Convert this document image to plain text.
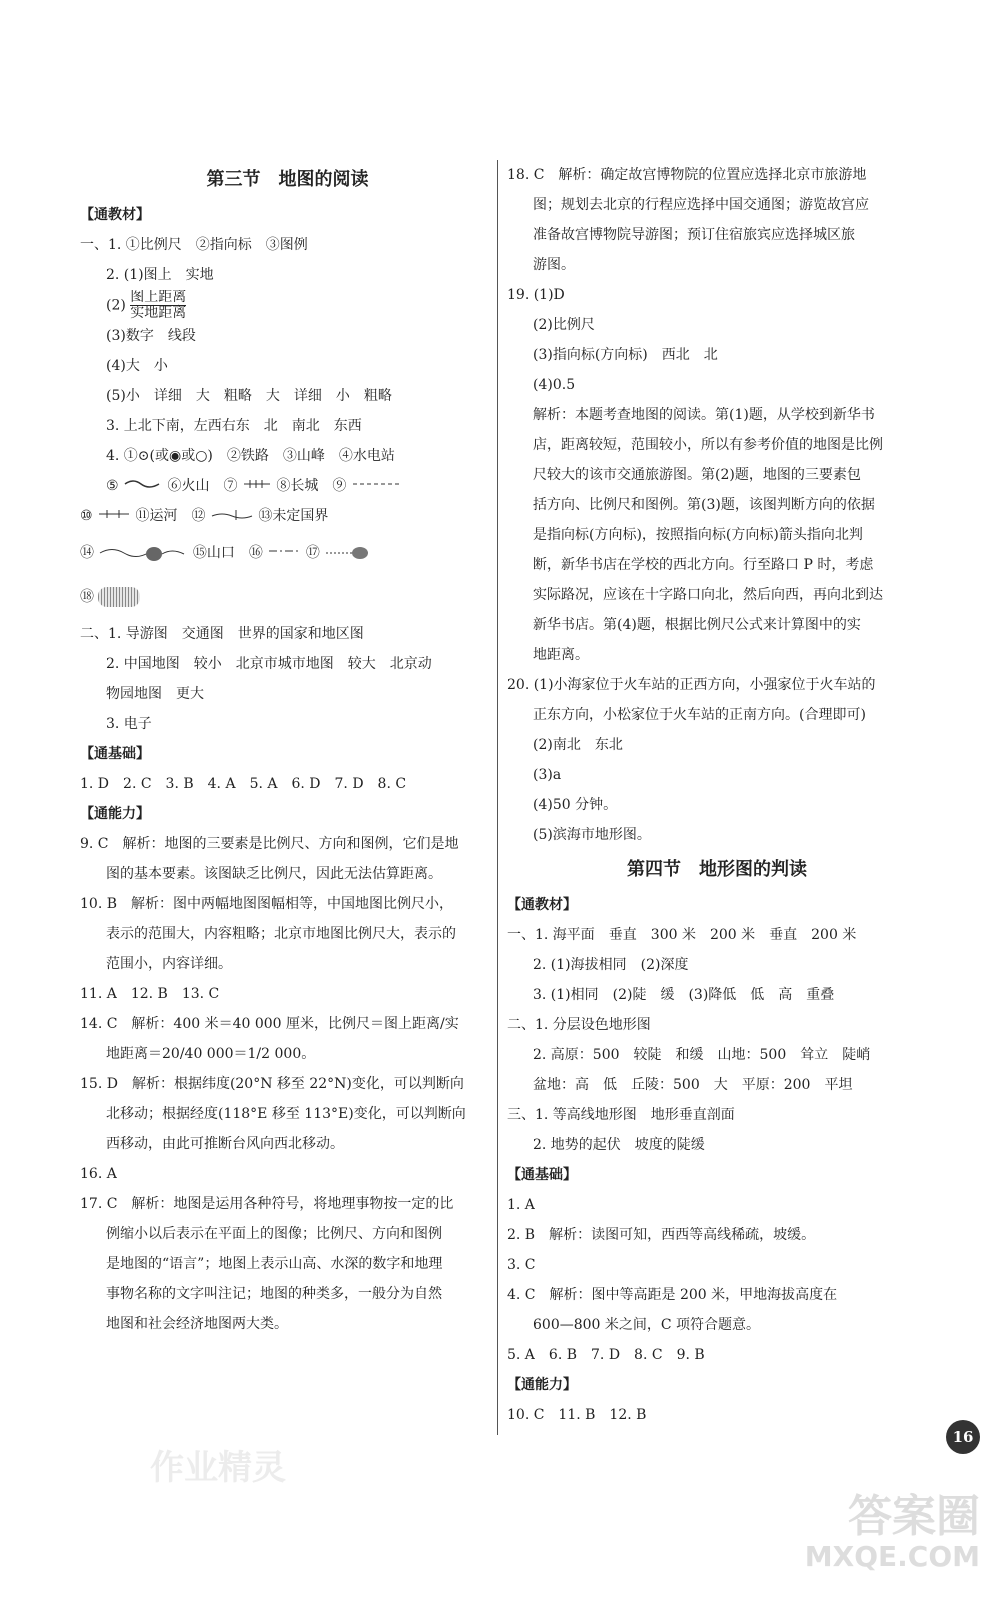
第三节　地图的阅读
【通教材】
一、1. ①比例尺　②指向标　③图例
2. (1)图上　实地
$(2) \frac{\text{图上距离}}{\text{实地距离}}$
(3)数字　线段
(4)大　小
(5)小　详细　大　粗略　大　详细　小　粗略
3. 上北下南，左西右东　北　南北　东西
4. ①⊙(或◉或○)　②铁路　③山峰　④水电站
⑤	⑥火山　⑦	⑧长城　⑨
⑩	⑪运河　⑫	⑬未定国界
⑭	⑮山口　⑯	⑰
⑱
二、1. 导游图　交通图　世界的国家和地区图
2. 中国地图　较小　北京市城市地图　较大　北京动
物园地图　更大
3. 电子
【通基础】
1. D　2. C　3. B　4. A　5. A　6. D　7. D　8. C
【通能力】
9. C　解析：地图的三要素是比例尺、方向和图例，它们是地
图的基本要素。该图缺乏比例尺，因此无法估算距离。
10. B　解析：图中两幅地图图幅相等，中国地图比例尺小，
表示的范围大，内容粗略；北京市地图比例尺大，表示的
范围小，内容详细。
11. A　12. B　13. C
14. C　解析：400 米＝40 000 厘米，比例尺＝图上距离/实
地距离＝20/40 000＝1/2 000。
15. D　解析：根据纬度(20°N 移至 22°N)变化，可以判断向
北移动；根据经度(118°E 移至 113°E)变化，可以判断向
西移动，由此可推断台风向西北移动。
16. A
17. C　解析：地图是运用各种符号，将地理事物按一定的比
例缩小以后表示在平面上的图像；比例尺、方向和图例
是地图的“语言”；地图上表示山高、水深的数字和地理
事物名称的文字叫注记；地图的种类多，一般分为自然
地图和社会经济地图两大类。
18. C　解析：确定故宫博物院的位置应选择北京市旅游地
图；规划去北京的行程应选择中国交通图；游览故宫应
准备故宫博物院导游图；预订住宿旅宾应选择城区旅
游图。
19. (1)D
(2)比例尺
(3)指向标(方向标)　西北　北
(4)0.5
解析：本题考查地图的阅读。第(1)题，从学校到新华书
店，距离较短，范围较小，所以有参考价值的地图是比例
尺较大的该市交通旅游图。第(2)题，地图的三要素包
括方向、比例尺和图例。第(3)题，该图判断方向的依据
是指向标(方向标)，按照指向标(方向标)箭头指向北判
断，新华书店在学校的西北方向。行至路口 P 时，考虑
实际路况，应该在十字路口向北，然后向西，再向北到达
新华书店。第(4)题，根据比例尺公式来计算图中的实
地距离。
20. (1)小海家位于火车站的正西方向，小强家位于火车站的
正东方向，小松家位于火车站的正南方向。(合理即可)
(2)南北　东北
(3)a
(4)50 分钟。
(5)滨海市地形图。
第四节　地形图的判读
【通教材】
一、1. 海平面　垂直　300 米　200 米　垂直　200 米
2. (1)海拔相同　(2)深度
3. (1)相同　(2)陡　缓　(3)降低　低　高　重叠
二、1. 分层设色地形图
2. 高原：500　较陡　和缓　山地：500　耸立　陡峭
盆地：高　低　丘陵：500　大　平原：200　平坦
三、1. 等高线地形图　地形垂直剖面
2. 地势的起伏　坡度的陡缓
【通基础】
1. A
2. B　解析：读图可知，西西等高线稀疏，坡缓。
3. C
4. C　解析：图中等高距是 200 米，甲地海拔高度在
600—800 米之间，C 项符合题意。
5. A　6. B　7. D　8. C　9. B
【通能力】
10. C　11. B　12. B
作业精灵
16
答案圈
MXQE.COM
